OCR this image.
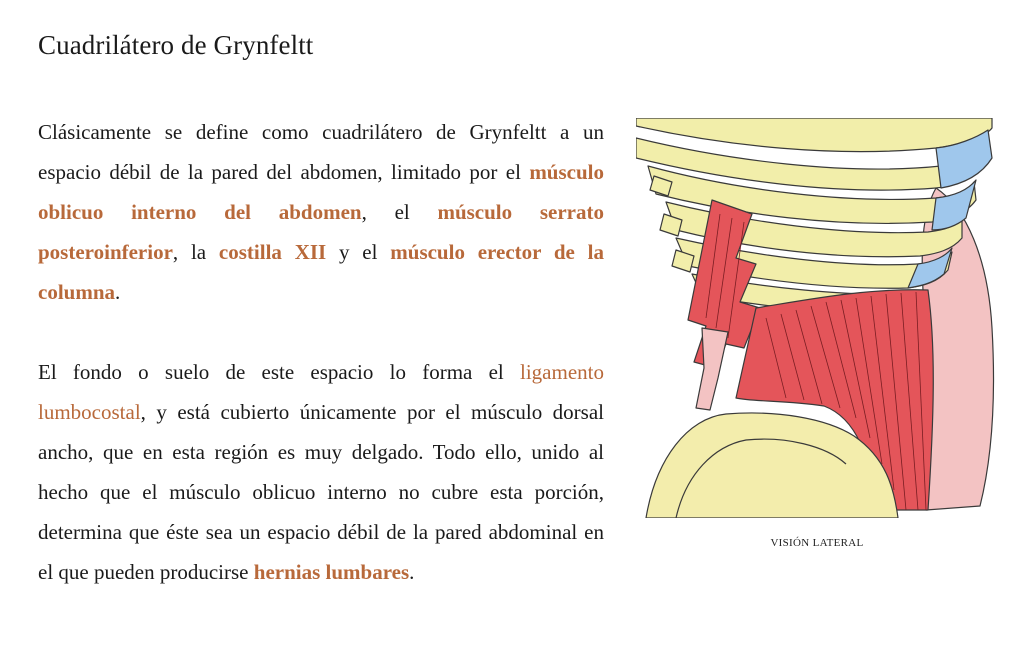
Cuadrilátero de Grynfeltt

Clásicamente se define como cuadrilátero de Grynfeltt a un espacio débil de la pared del abdomen, limitado por el músculo oblicuo interno del abdomen, el músculo serrato posteroinferior, la costilla XII y el músculo erector de la columna.

El fondo o suelo de este espacio lo forma el ligamento lumbocostal, y está cubierto únicamente por el músculo dorsal ancho, que en esta región es muy delgado. Todo ello, unido al hecho que el músculo oblicuo interno no cubre esta porción, determina que éste sea un espacio débil de la pared abdominal en el que pueden producirse hernias lumbares.

VISIÓN LATERAL
